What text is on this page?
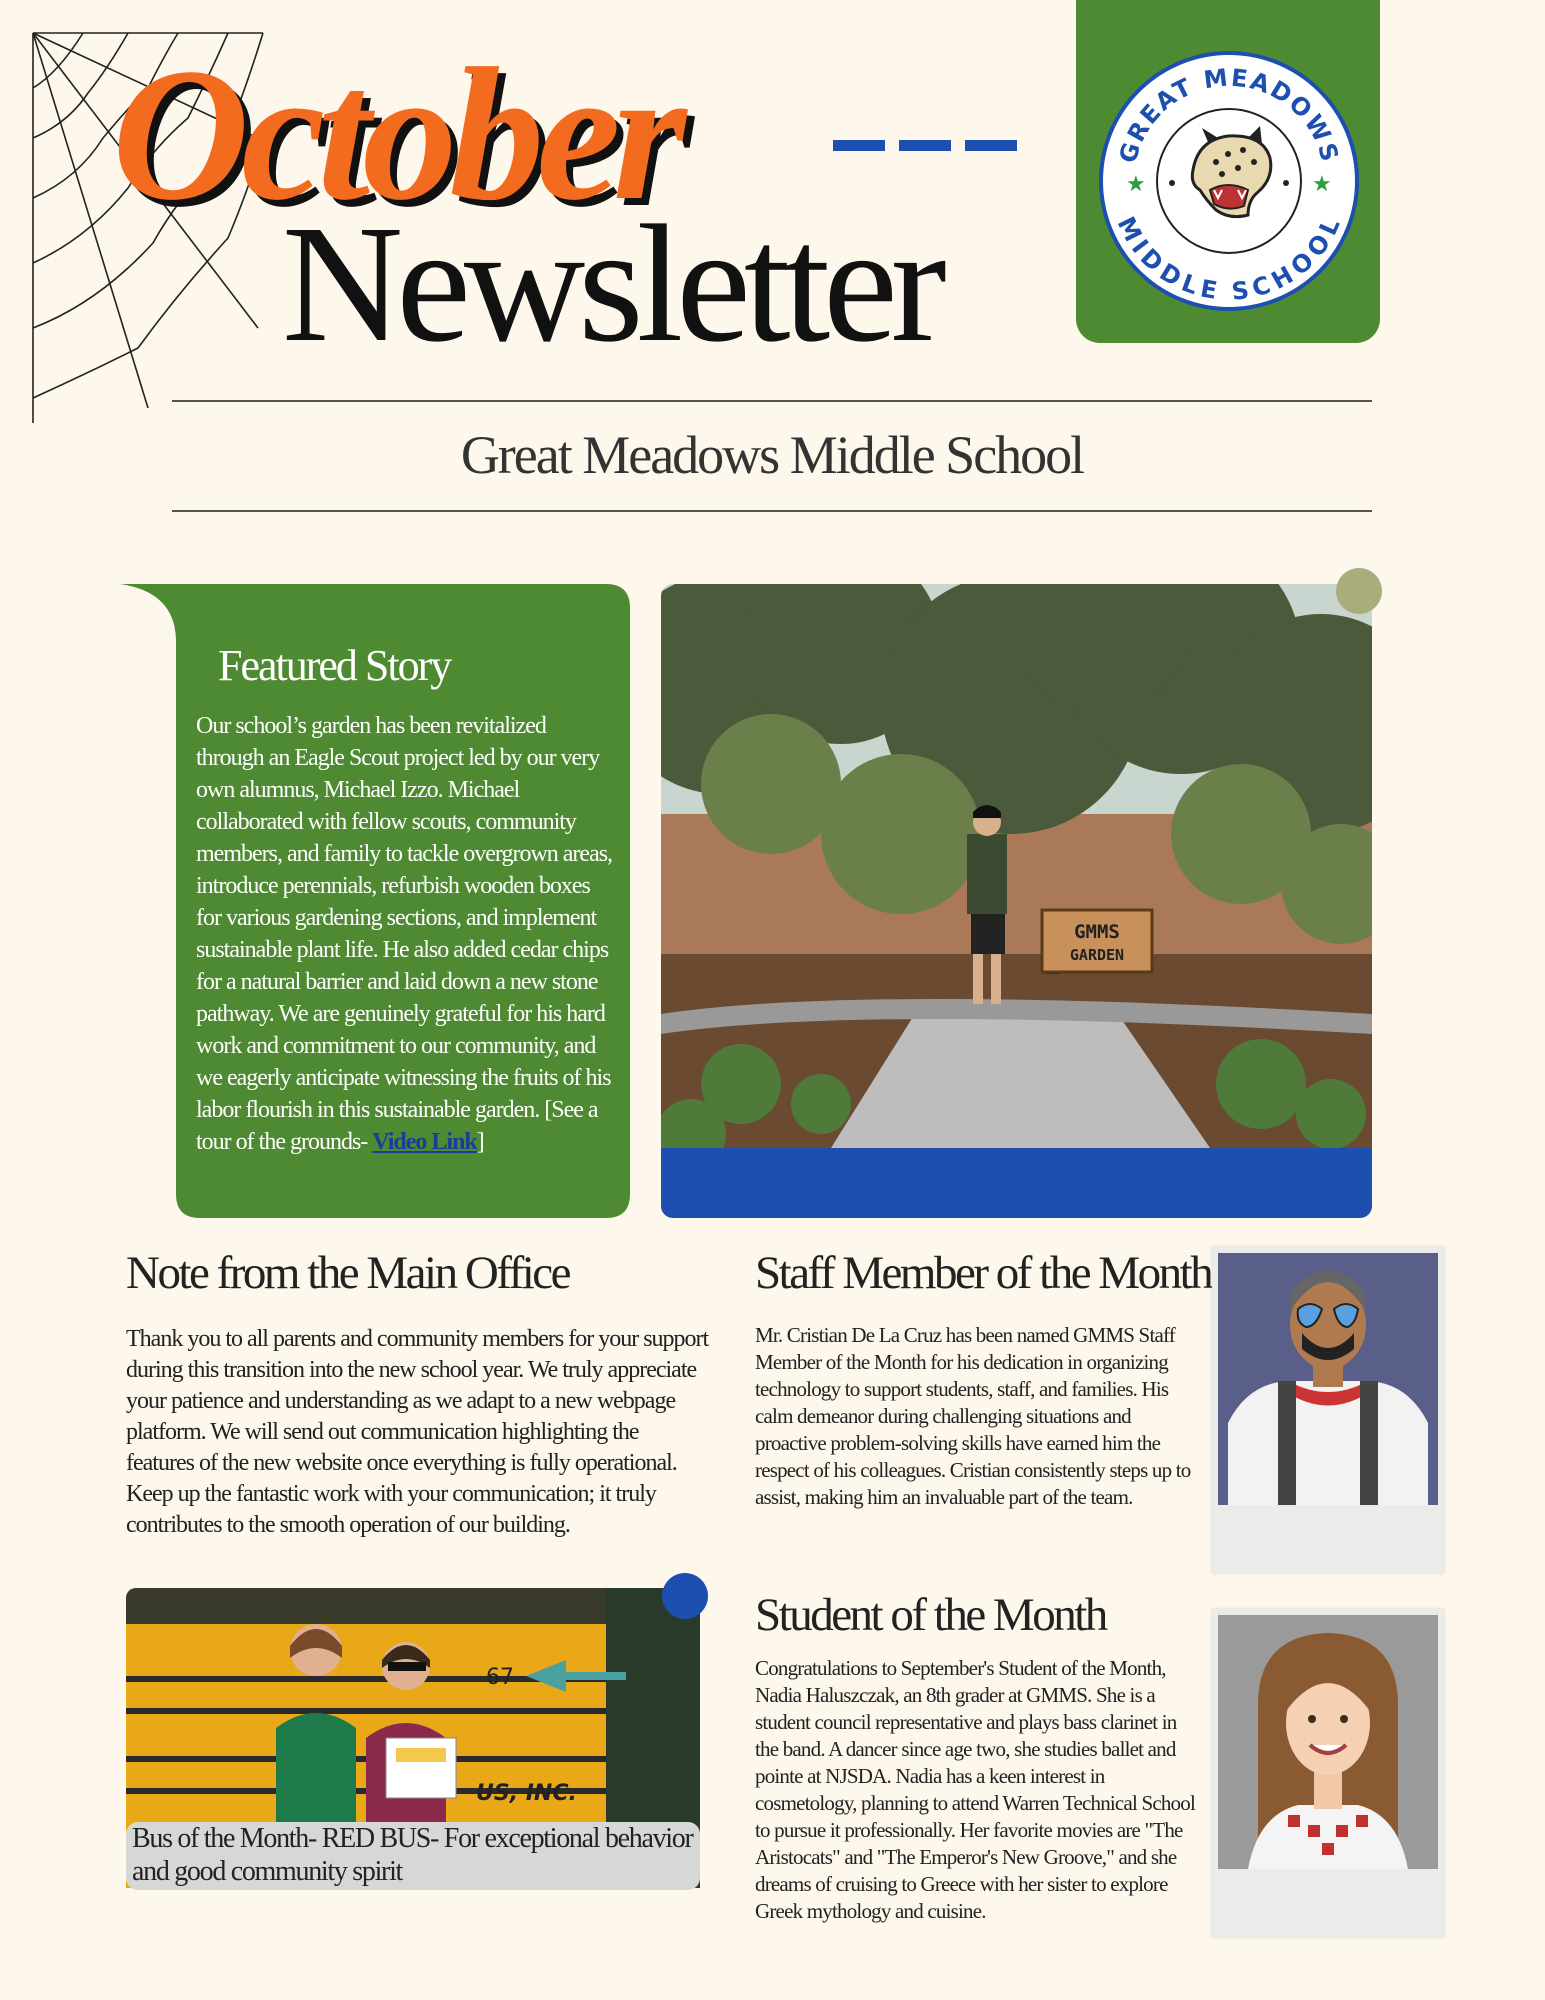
October
Newsletter
GREAT MEADOWS
MIDDLE SCHOOL
★	★
Great Meadows Middle School
Featured Story
Our school’s garden has been revitalized through an Eagle Scout project led by our very own alumnus, Michael Izzo. Michael collaborated with fellow scouts, community members, and family to tackle overgrown areas, introduce perennials, refurbish wooden boxes for various gardening sections, and implement sustainable plant life. He also added cedar chips for a natural barrier and laid down a new stone pathway. We are genuinely grateful for his hard work and commitment to our community, and we eagerly anticipate witnessing the fruits of his labor flourish in this sustainable garden. [See a tour of the grounds- Video Link]
GMMS
GARDEN
Note from the Main Office
Thank you to all parents and community members for your support during this transition into the new school year. We truly appreciate your patience and understanding as we adapt to a new webpage platform. We will send out communication highlighting the features of the new website once everything is fully operational. Keep up the fantastic work with your communication; it truly contributes to the smooth operation of our building.
67
US, INC.
Bus of the Month- RED BUS- For exceptional behavior and good community spirit
Staff Member of the Month
Mr. Cristian De La Cruz has been named GMMS Staff Member of the Month for his dedication in organizing technology to support students, staff, and families. His calm demeanor during challenging situations and proactive problem-solving skills have earned him the respect of his colleagues. Cristian consistently steps up to assist, making him an invaluable part of the team.
Student of the Month
Congratulations to September's Student of the Month, Nadia Haluszczak, an 8th grader at GMMS. She is a student council representative and plays bass clarinet in the band. A dancer since age two, she studies ballet and pointe at NJSDA. Nadia has a keen interest in cosmetology, planning to attend Warren Technical School to pursue it professionally. Her favorite movies are "The Aristocats" and "The Emperor's New Groove," and she dreams of cruising to Greece with her sister to explore Greek mythology and cuisine.
